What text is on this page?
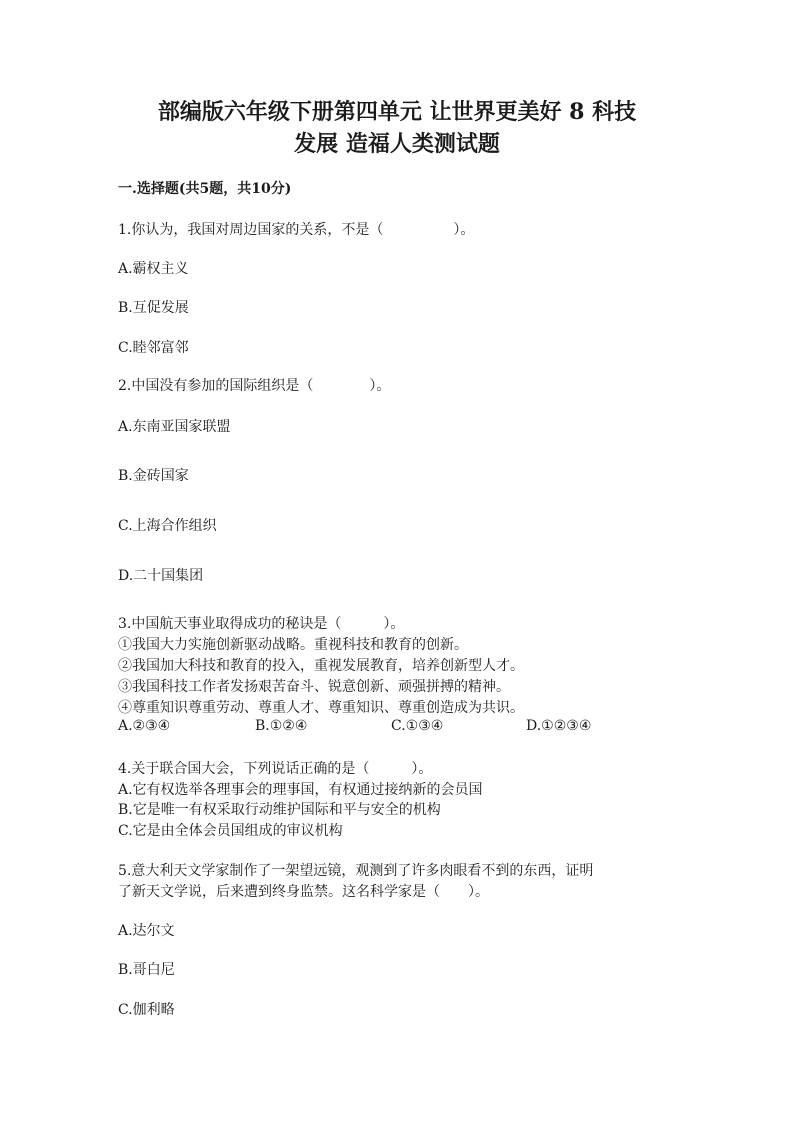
部编版六年级下册第四单元 让世界更美好 8 科技
发展 造福人类测试题
一.选择题(共5题，共10分)
1.你认为，我国对周边国家的关系，不是（　　　　　）。
A.霸权主义
B.互促发展
C.睦邻富邻
2.中国没有参加的国际组织是（　　　　）。
A.东南亚国家联盟
B.金砖国家
C.上海合作组织
D.二十国集团
3.中国航天事业取得成功的秘诀是（　　　）。
①我国大力实施创新驱动战略。重视科技和教育的创新。
②我国加大科技和教育的投入，重视发展教育，培养创新型人才。
③我国科技工作者发扬艰苦奋斗、锐意创新、顽强拼搏的精神。
④尊重知识尊重劳动、尊重人才、尊重知识、尊重创造成为共识。
A.②③④	B.①②④	C.①③④	D.①②③④
4.关于联合国大会，下列说话正确的是（　　　）。
A.它有权选举各理事会的理事国，有权通过接纳新的会员国
B.它是唯一有权采取行动维护国际和平与安全的机构
C.它是由全体会员国组成的审议机构
5.意大利天文学家制作了一架望远镜，观测到了许多肉眼看不到的东西，证明
了新天文学说，后来遭到终身监禁。这名科学家是（　　）。
A.达尔文
B.哥白尼
C.伽利略
